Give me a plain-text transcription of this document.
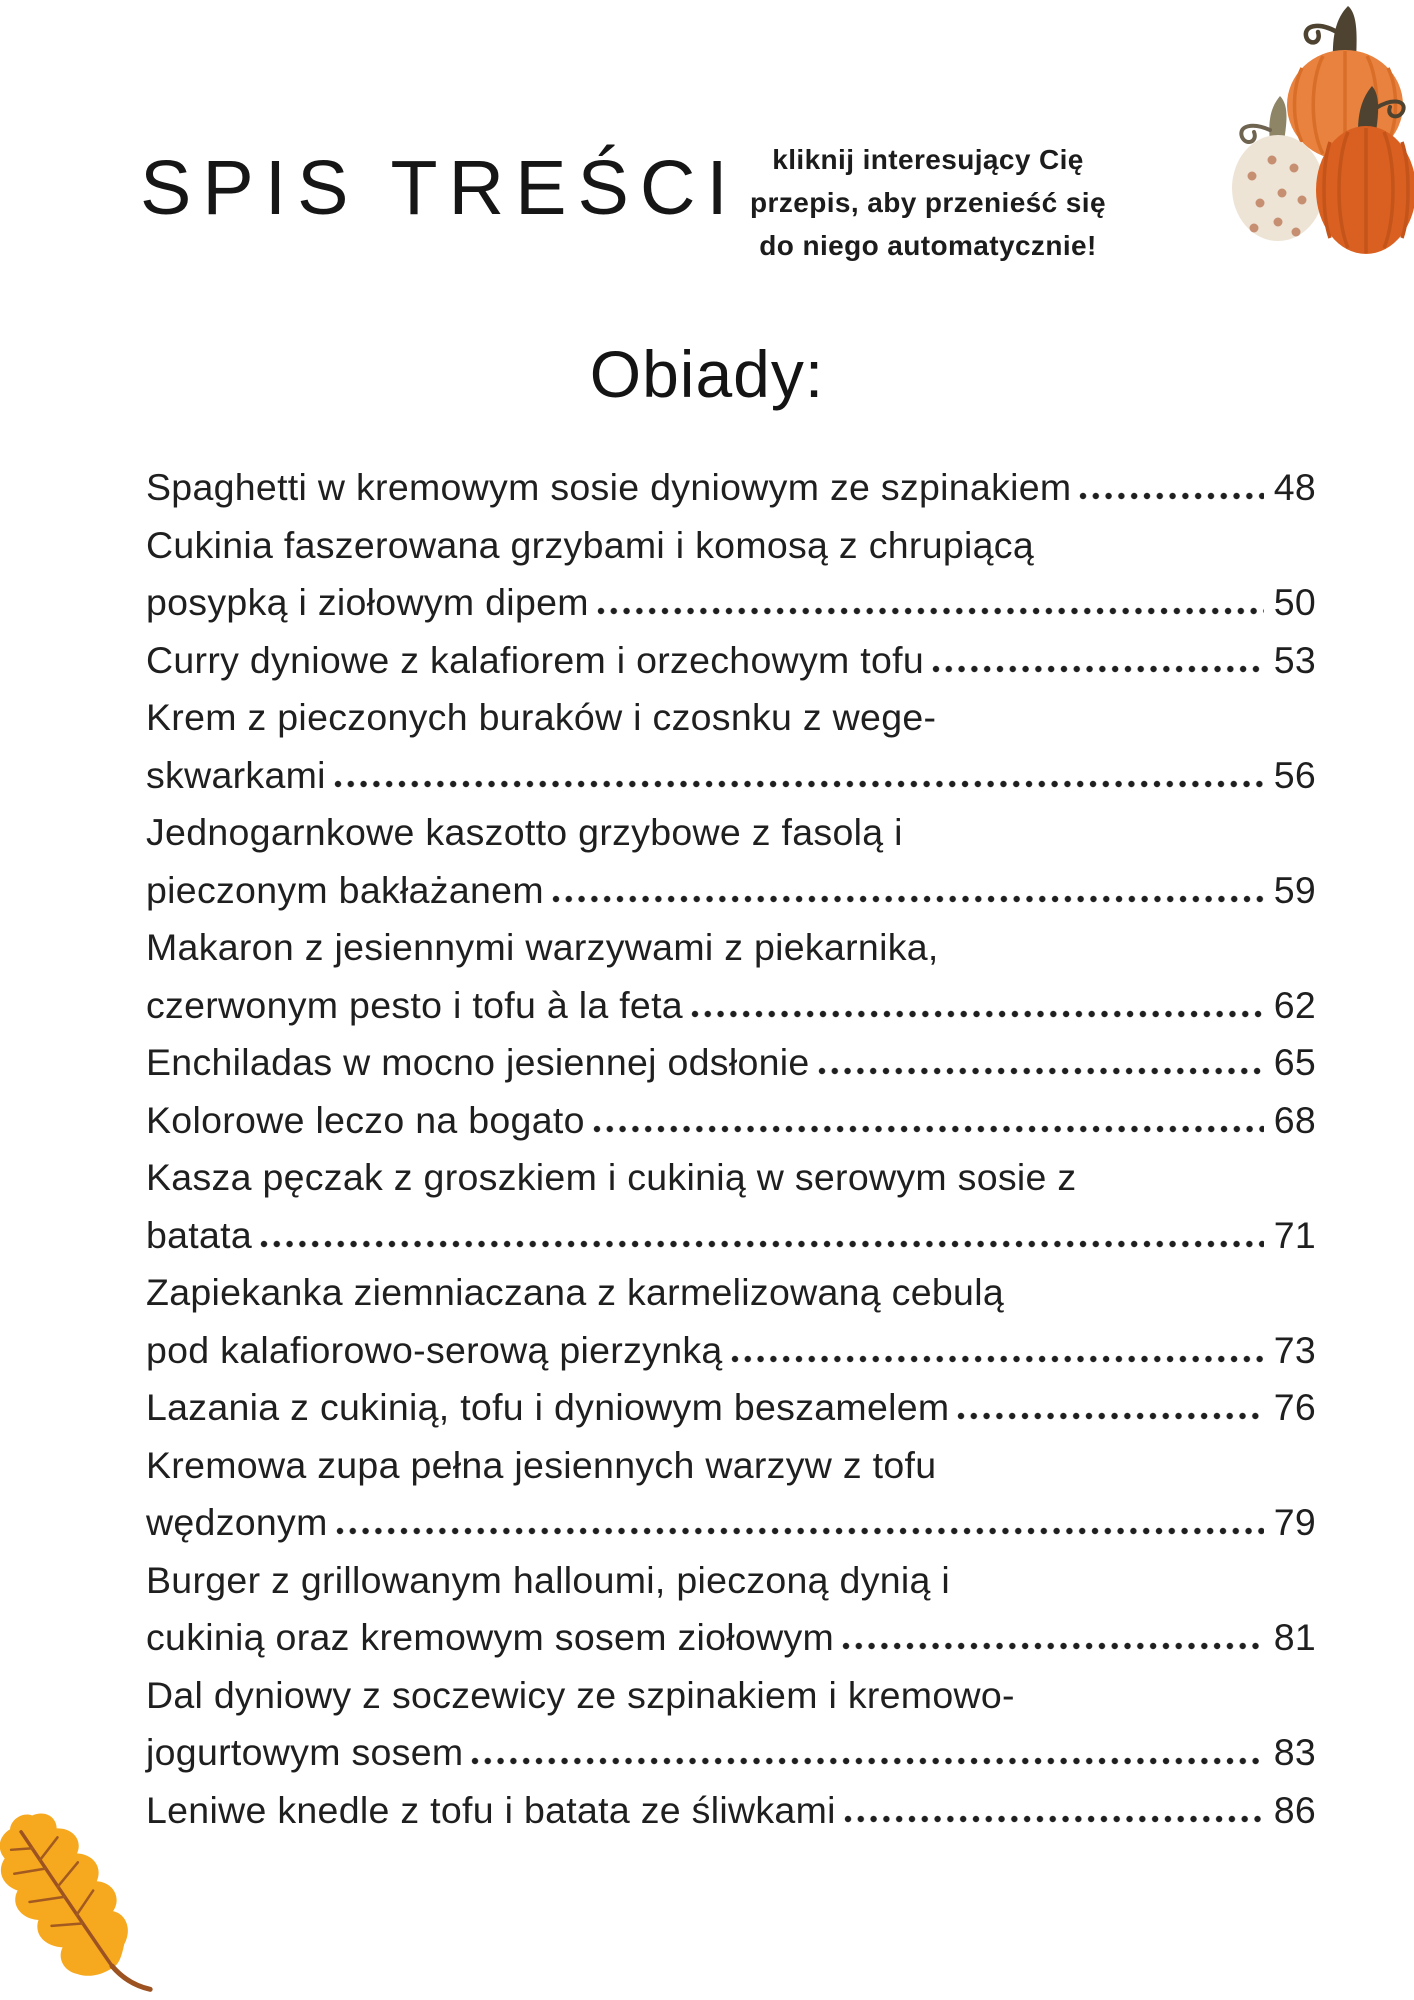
SPIS TREŚCI	kliknij interesujący Cię
przepis, aby przenieść się
do niego automatycznie!
Obiady:
Spaghetti w kremowym sosie dyniowym ze szpinakiem	48
Cukinia faszerowana grzybami i komosą z chrupiącą
posypką i ziołowym dipem	50
Curry dyniowe z kalafiorem i orzechowym tofu	53
Krem z pieczonych buraków i czosnku z wege-
skwarkami	56
Jednogarnkowe kaszotto grzybowe z fasolą i
pieczonym bakłażanem	59
Makaron z jesiennymi warzywami z piekarnika,
czerwonym pesto i tofu à la feta	62
Enchiladas w mocno jesiennej odsłonie	65
Kolorowe leczo na bogato	68
Kasza pęczak z groszkiem i cukinią w serowym sosie z
batata	71
Zapiekanka ziemniaczana z karmelizowaną cebulą
pod kalafiorowo-serową pierzynką	73
Lazania z cukinią, tofu i dyniowym beszamelem	76
Kremowa zupa pełna jesiennych warzyw z tofu
wędzonym	79
Burger z grillowanym halloumi, pieczoną dynią i
cukinią oraz kremowym sosem ziołowym	81
Dal dyniowy z soczewicy ze szpinakiem i kremowo-
jogurtowym sosem	83
Leniwe knedle z tofu i batata ze śliwkami	86
